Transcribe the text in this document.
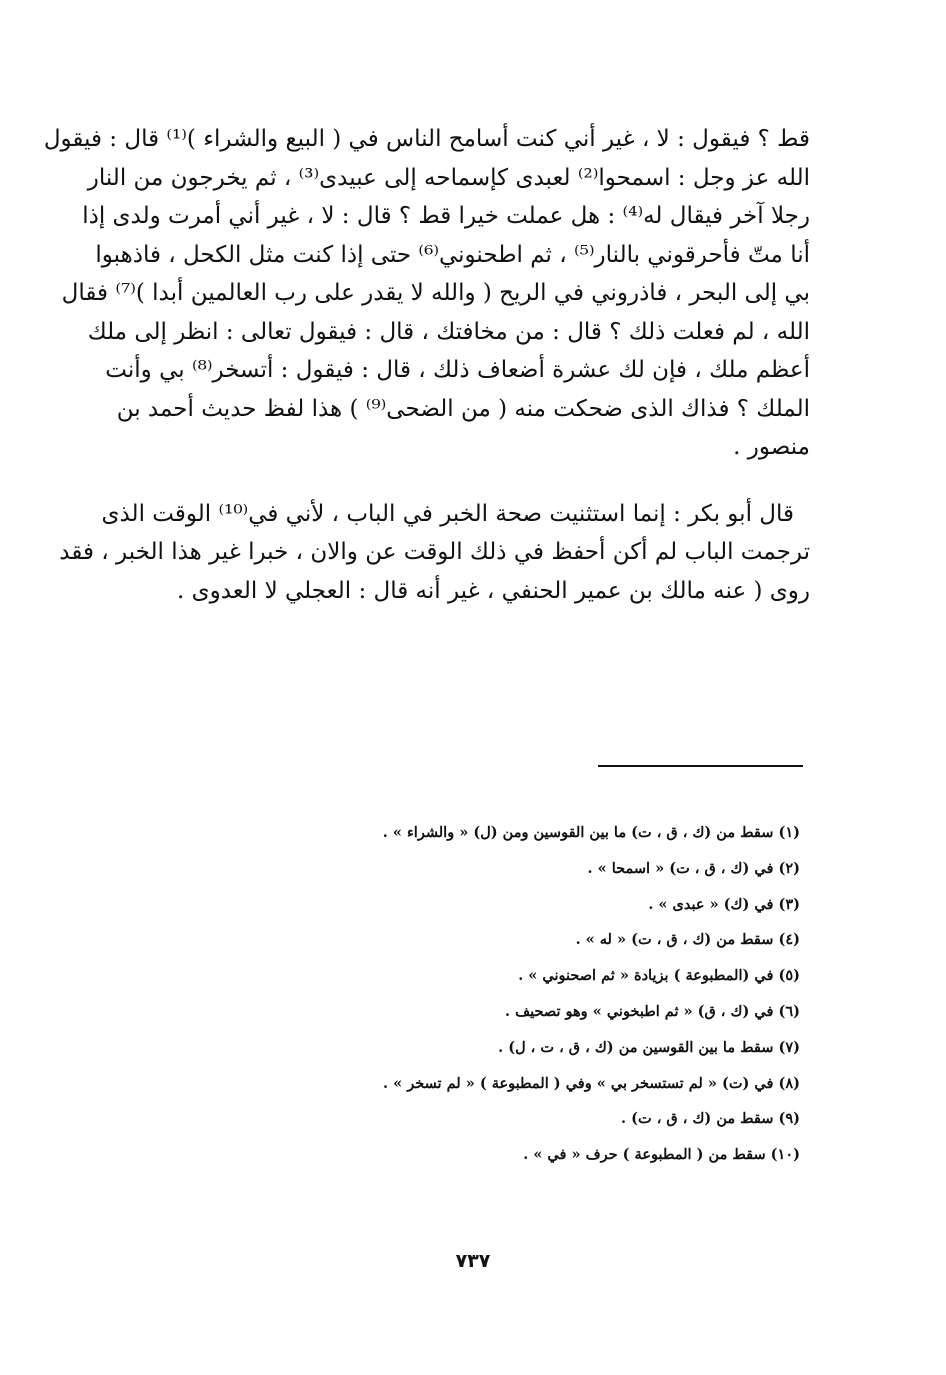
قط ؟ فيقول : لا ، غير أني كنت أسامح الناس في ( البيع والشراء )⁽¹⁾ قال : فيقول
الله عز وجل : اسمحوا⁽²⁾ لعبدى كإسماحه إلى عبيدى⁽³⁾ ، ثم يخرجون من النار
رجلا آخر فيقال له⁽⁴⁾ : هل عملت خيرا قط ؟ قال : لا ، غير أني أمرت ولدى إذا
أنا متّ فأحرقوني بالنار⁽⁵⁾ ، ثم اطحنوني⁽⁶⁾ حتى إذا كنت مثل الكحل ، فاذهبوا
بي إلى البحر ، فاذروني في الريح ( والله لا يقدر على رب العالمين أبدا )⁽⁷⁾ فقال
الله ، لم فعلت ذلك ؟ قال : من مخافتك ، قال : فيقول تعالى : انظر إلى ملك
أعظم ملك ، فإن لك عشرة أضعاف ذلك ، قال : فيقول : أتسخر⁽⁸⁾ بي وأنت
الملك ؟ فذاك الذى ضحكت منه ( من الضحى⁽⁹⁾ ) هذا لفظ حديث أحمد بن
منصور .
قال أبو بكر : إنما استثنيت صحة الخبر في الباب ، لأني في⁽¹⁰⁾ الوقت الذى
ترجمت الباب لم أكن أحفظ في ذلك الوقت عن والان ، خبرا غير هذا الخبر ، فقد
روى ( عنه مالك بن عمير الحنفي ، غير أنه قال : العجلي لا العدوى .
(١) سقط من (ك ، ق ، ت) ما بين القوسين ومن (ل) « والشراء » .
(٢) في (ك ، ق ، ت) « اسمحا » .
(٣) في (ك) « عبدى » .
(٤) سقط من (ك ، ق ، ت) « له » .
(٥) في (المطبوعة ) بزيادة « ثم اصحنوني » .
(٦) في (ك ، ق) « ثم اطبخوني » وهو تصحيف .
(٧) سقط ما بين القوسين من (ك ، ق ، ت ، ل) .
(٨) في (ت) « لم تستسخر بي » وفي ( المطبوعة ) « لم تسخر » .
(٩) سقط من (ك ، ق ، ت) .
(١٠) سقط من ( المطبوعة ) حرف « في » .
٧٣٧
